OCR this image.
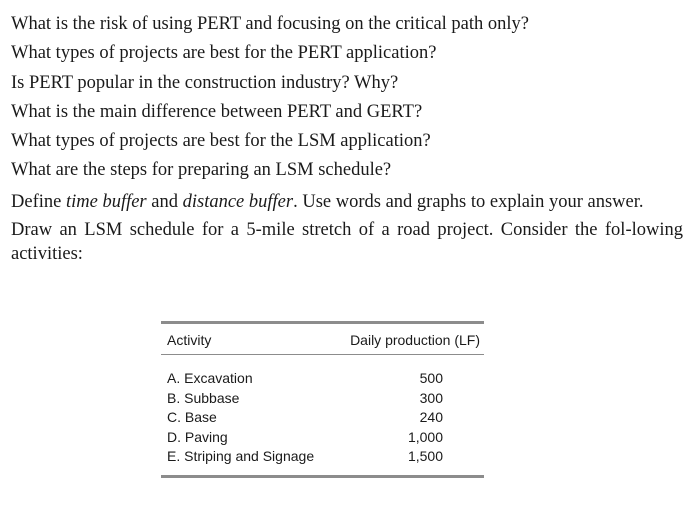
What is the risk of using PERT and focusing on the critical path only?

What types of projects are best for the PERT application?

Is PERT popular in the construction industry? Why?

What is the main difference between PERT and GERT?

What types of projects are best for the LSM application?

What are the steps for preparing an LSM schedule?

Define time buffer and distance buffer. Use words and graphs to explain your answer.

Draw an LSM schedule for a 5-mile stretch of a road project. Consider the fol-lowing activities:

Activity	Daily production (LF)
A. Excavation	500
B. Subbase	300
C. Base	240
D. Paving	1,000
E. Striping and Signage	1,500
